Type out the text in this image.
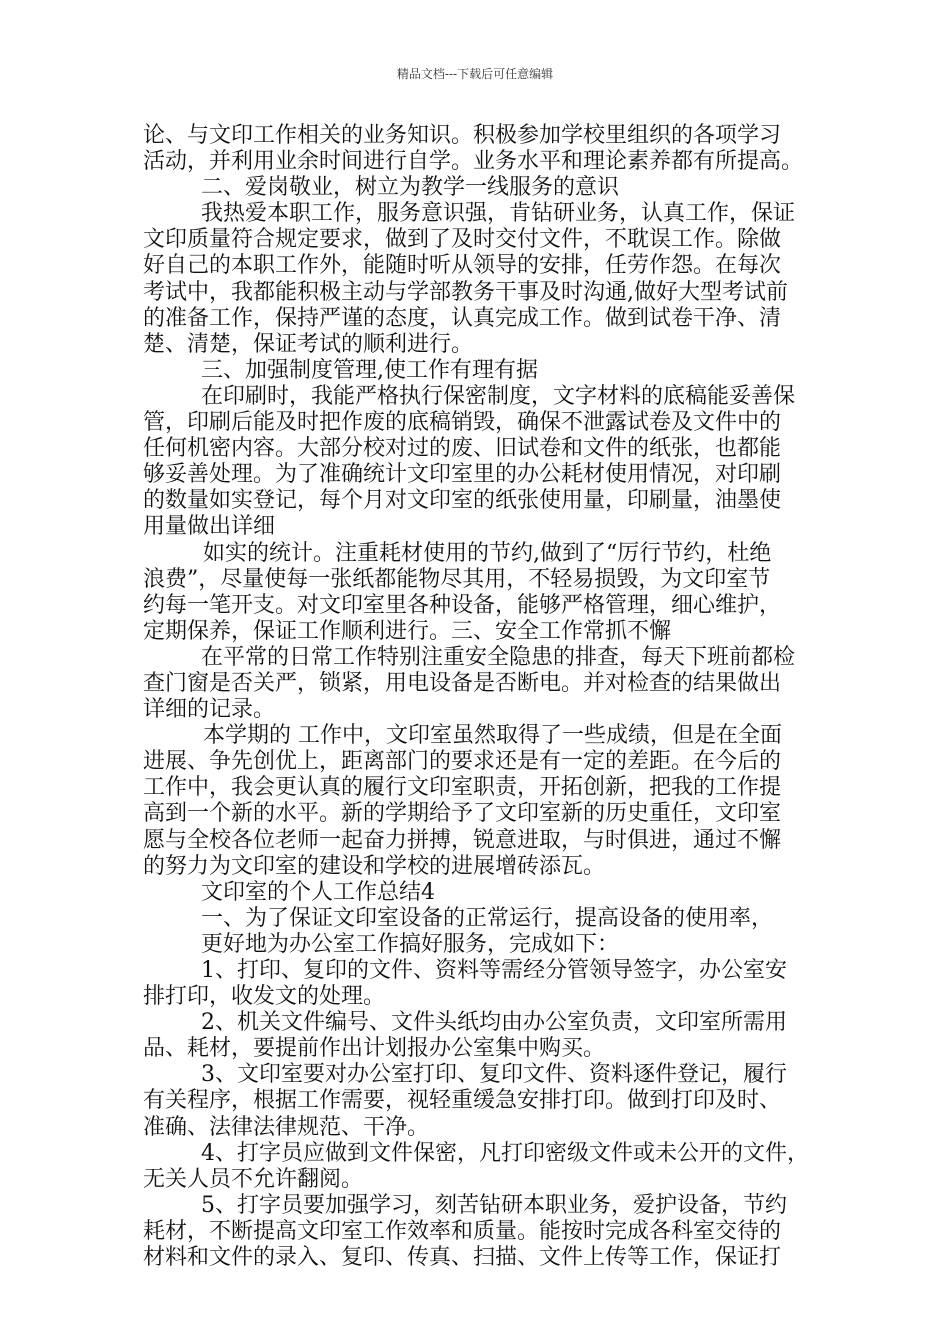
精品文档---下载后可任意编辑
论、与文印工作相关的业务知识。积极参加学校里组织的各项学习
活动，并利用业余时间进行自学。业务水平和理论素养都有所提高。
二、爱岗敬业，树立为教学一线服务的意识
我热爱本职工作，服务意识强，肯钻研业务，认真工作，保证
文印质量符合规定要求，做到了及时交付文件，不耽误工作。除做
好自己的本职工作外，能随时听从领导的安排，任劳作怨。在每次
考试中，我都能积极主动与学部教务干事及时沟通,做好大型考试前
的准备工作，保持严谨的态度，认真完成工作。做到试卷干净、清
楚、清楚，保证考试的顺利进行。
三、加强制度管理,使工作有理有据
在印刷时，我能严格执行保密制度，文字材料的底稿能妥善保
管，印刷后能及时把作废的底稿销毁，确保不泄露试卷及文件中的
任何机密内容。大部分校对过的废、旧试卷和文件的纸张，也都能
够妥善处理。为了准确统计文印室里的办公耗材使用情况，对印刷
的数量如实登记，每个月对文印室的纸张使用量，印刷量，油墨使
用量做出详细
如实的统计。注重耗材使用的节约,做到了“厉行节约，杜绝
浪费”，尽量使每一张纸都能物尽其用，不轻易损毁，为文印室节
约每一笔开支。对文印室里各种设备，能够严格管理，细心维护，
定期保养，保证工作顺利进行。三、安全工作常抓不懈
在平常的日常工作特别注重安全隐患的排查，每天下班前都检
查门窗是否关严，锁紧，用电设备是否断电。并对检查的结果做出
详细的记录。
本学期的 工作中，文印室虽然取得了一些成绩，但是在全面
进展、争先创优上，距离部门的要求还是有一定的差距。在今后的
工作中，我会更认真的履行文印室职责，开拓创新，把我的工作提
高到一个新的水平。新的学期给予了文印室新的历史重任，文印室
愿与全校各位老师一起奋力拼搏，锐意进取，与时俱进，通过不懈
的努力为文印室的建设和学校的进展增砖添瓦。
文印室的个人工作总结4
一、为了保证文印室设备的正常运行，提高设备的使用率，
更好地为办公室工作搞好服务，完成如下：
1、打印、复印的文件、资料等需经分管领导签字，办公室安
排打印，收发文的处理。
2、机关文件编号、文件头纸均由办公室负责，文印室所需用
品、耗材，要提前作出计划报办公室集中购买。
3、文印室要对办公室打印、复印文件、资料逐件登记，履行
有关程序，根据工作需要，视轻重缓急安排打印。做到打印及时、
准确、法律法律规范、干净。
4、打字员应做到文件保密，凡打印密级文件或未公开的文件，
无关人员不允许翻阅。
5、打字员要加强学习，刻苦钻研本职业务，爱护设备，节约
耗材，不断提高文印室工作效率和质量。能按时完成各科室交待的
材料和文件的录入、复印、传真、扫描、文件上传等工作，保证打
